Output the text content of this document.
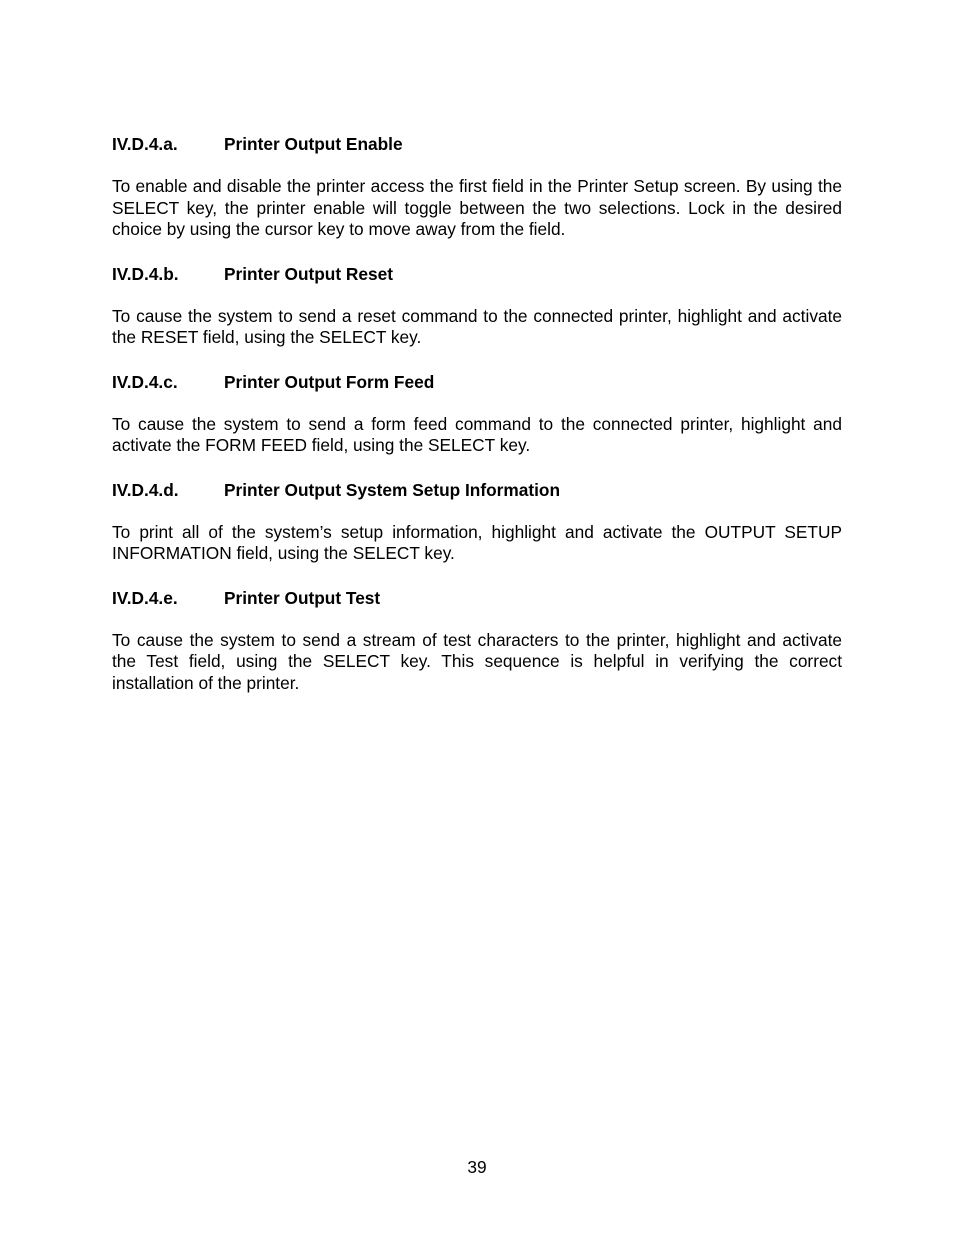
IV.D.4.a.	Printer Output Enable

To enable and disable the printer access the first field in the Printer Setup screen. By using the SELECT key, the printer enable will toggle between the two selections. Lock in the desired choice by using the cursor key to move away from the field.

IV.D.4.b.	Printer Output Reset

To cause the system to send a reset command to the connected printer, highlight and activate the RESET field, using the SELECT key.

IV.D.4.c.	Printer Output Form Feed

To cause the system to send a form feed command to the connected printer, highlight and activate the FORM FEED field, using the SELECT key.

IV.D.4.d.	Printer Output System Setup Information

To print all of the system’s setup information, highlight and activate the OUTPUT SETUP INFORMATION field, using the SELECT key.

IV.D.4.e.	Printer Output Test

To cause the system to send a stream of test characters to the printer, highlight and activate the Test field, using the SELECT key. This sequence is helpful in verifying the correct installation of the printer.

39
